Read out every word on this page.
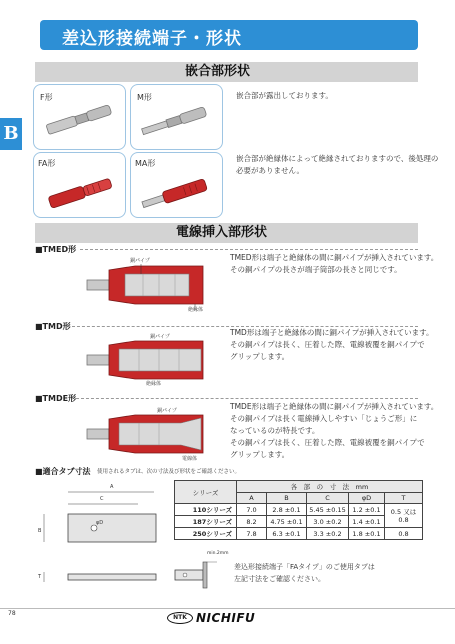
差込形接続端子・形状
B
嵌合部形状
F形	M形
FA形	MA形
嵌合部が露出しております。
嵌合部が絶縁体によって絶縁されておりますので、後処理の
必要がありません。
電線挿入部形状
■TMED形
銅パイプ
絶縁体
TMED形は端子と絶縁体の間に銅パイプが挿入されています。
その銅パイプの長さが端子筒部の長さと同じです。
■TMD形
銅パイプ
絶縁体
TMD形は端子と絶縁体の間に銅パイプが挿入されています。
その銅パイプは長く、圧着した際、電線被覆を銅パイプで
グリップします。
■TMDE形
銅パイプ
電線体
TMDE形は端子と絶縁体の間に銅パイプが挿入されています。
その銅パイプは長く電線挿入しやすい「じょうご形」に
なっているのが特長です。
その銅パイプは長く、圧着した際、電線被覆を銅パイプで
グリップします。
■適合タブ寸法 使用されるタブは、次の寸法及び形状をご確認ください。
A
C
φD
B
T
シリーズ	各　部　の　寸　法　mm				
	A	B	C	φD	T
110シリーズ	7.0	2.8 ±0.1	5.45 ±0.15	1.2 ±0.1	0.5 又は 0.8
187シリーズ	8.2	4.75 ±0.1	3.0 ±0.2	1.4 ±0.1	
250シリーズ	7.8	6.3 ±0.1	3.3 ±0.2	1.8 ±0.1	0.8
min.2mm
差込形接続端子「FAタイプ」のご使用タブは
左記寸法をご確認ください。
78
NTK NICHIFU
